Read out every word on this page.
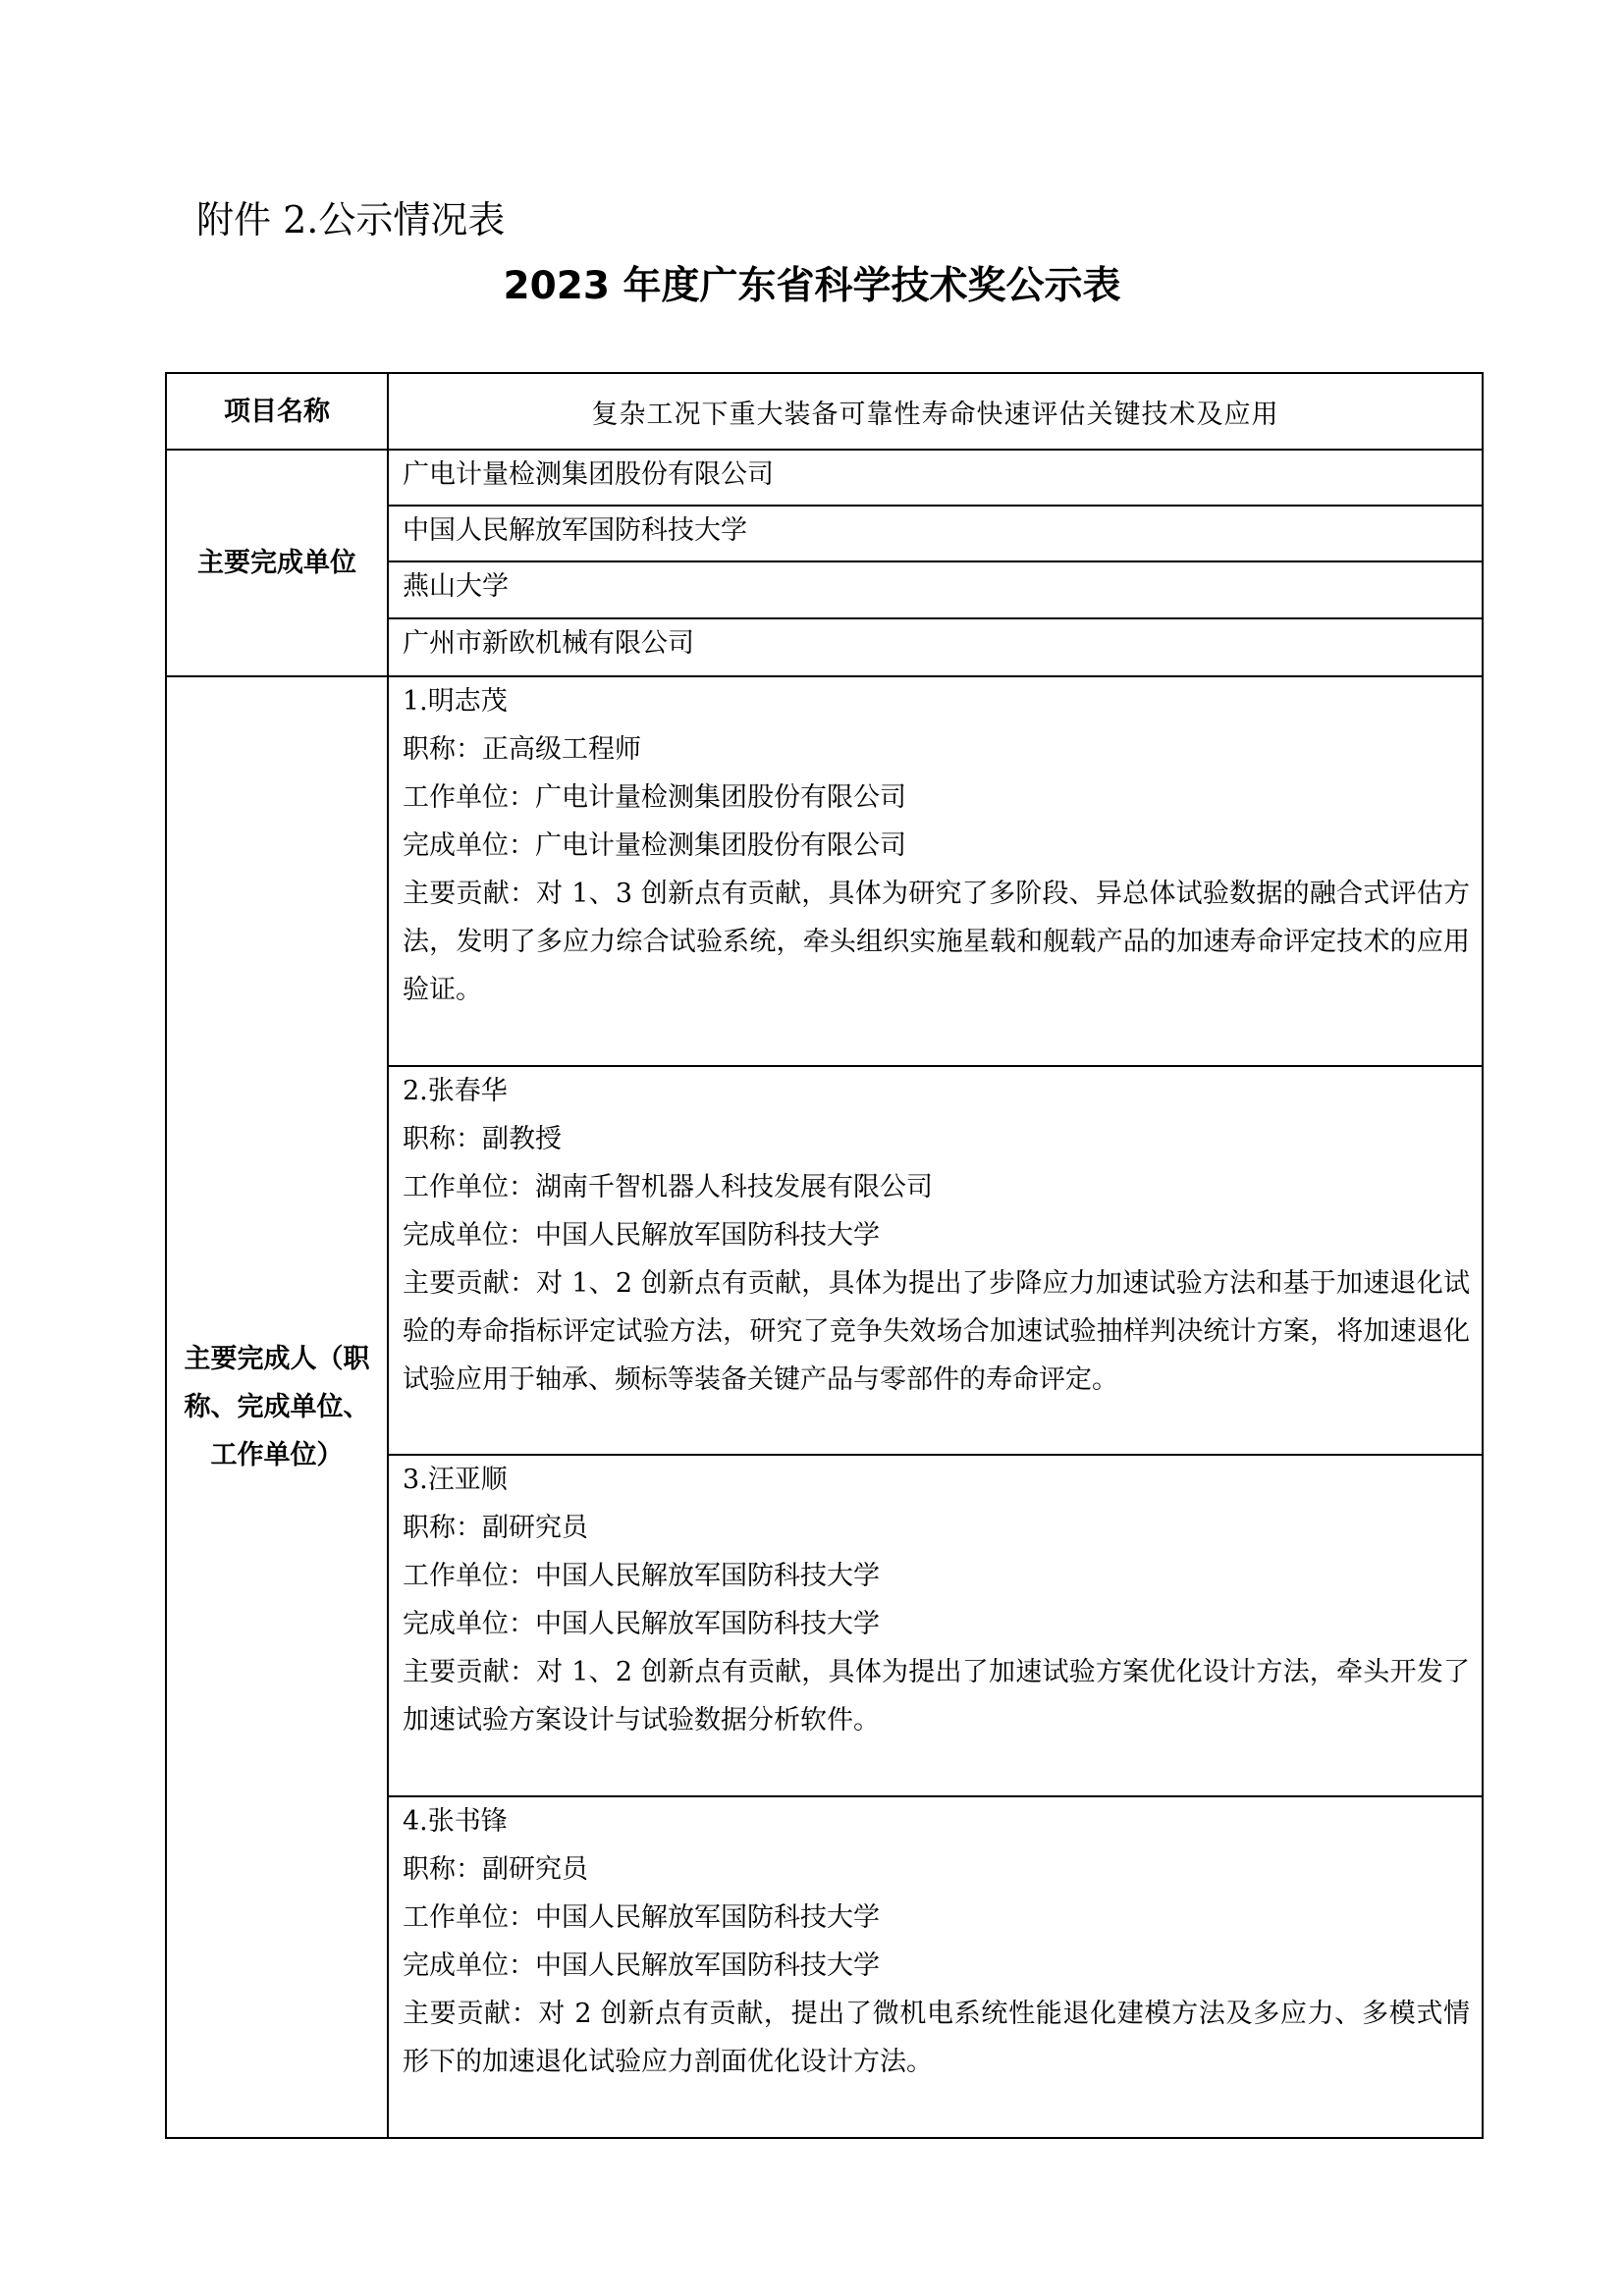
附件 2.公示情况表
2023 年度广东省科学技术奖公示表
项目名称	复杂工况下重大装备可靠性寿命快速评估关键技术及应用
主要完成单位	广电计量检测集团股份有限公司
	中国人民解放军国防科技大学
	燕山大学
	广州市新欧机械有限公司

主要完成人（职称、完成单位、工作单位）	1.明志茂
职称：正高级工程师
工作单位：广电计量检测集团股份有限公司
完成单位：广电计量检测集团股份有限公司
主要贡献：对 1、3 创新点有贡献，具体为研究了多阶段、异总体试验数据的融合式评估方法，发明了多应力综合试验系统，牵头组织实施星载和舰载产品的加速寿命评定技术的应用验证。

	2.张春华
职称：副教授
工作单位：湖南千智机器人科技发展有限公司
完成单位：中国人民解放军国防科技大学
主要贡献：对 1、2 创新点有贡献，具体为提出了步降应力加速试验方法和基于加速退化试验的寿命指标评定试验方法，研究了竞争失效场合加速试验抽样判决统计方案，将加速退化试验应用于轴承、频标等装备关键产品与零部件的寿命评定。

	3.汪亚顺
职称：副研究员
工作单位：中国人民解放军国防科技大学
完成单位：中国人民解放军国防科技大学
主要贡献：对 1、2 创新点有贡献，具体为提出了加速试验方案优化设计方法，牵头开发了加速试验方案设计与试验数据分析软件。

	4.张书锋
职称：副研究员
工作单位：中国人民解放军国防科技大学
完成单位：中国人民解放军国防科技大学
主要贡献：对 2 创新点有贡献，提出了微机电系统性能退化建模方法及多应力、多模式情形下的加速退化试验应力剖面优化设计方法。
